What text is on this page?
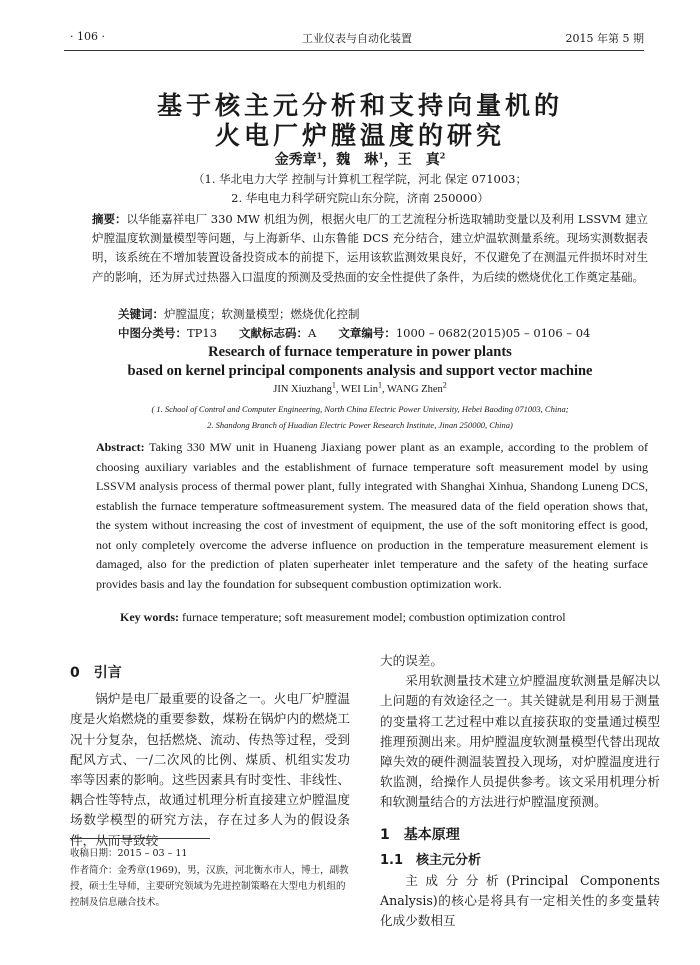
· 106 ·	工业仪表与自动化装置	2015 年第 5 期
基于核主元分析和支持向量机的
火电厂炉膛温度的研究
金秀章$^1$，魏　琳$^1$，王　真$^2$
（1. 华北电力大学 控制与计算机工程学院，河北 保定 071003；
2. 华电电力科学研究院山东分院，济南 250000）
摘要：以华能嘉祥电厂 330 MW 机组为例，根据火电厂的工艺流程分析选取辅助变量以及利用 LSSVM 建立炉膛温度软测量模型等问题，与上海新华、山东鲁能 DCS 充分结合，建立炉温软测量系统。现场实测数据表明，该系统在不增加装置设备投资成本的前提下，运用该软监测效果良好，不仅避免了在测温元件损坏时对生产的影响，还为屏式过热器入口温度的预测及受热面的安全性提供了条件，为后续的燃烧优化工作奠定基础。
关键词：炉膛温度；软测量模型；燃烧优化控制
中图分类号：TP13 文献标志码：A 文章编号：1000 – 0682(2015)05 – 0106 – 04
Research of furnace temperature in power plants
based on kernel principal components analysis and support vector machine
JIN Xiuzhang$^1$, WEI Lin$^1$, WANG Zhen$^2$
( 1. School of Control and Computer Engineering, North China Electric Power University, Hebei Baoding 071003, China;
2. Shandong Branch of Huadian Electric Power Research Institute, Jinan 250000, China)
Abstract: Taking 330 MW unit in Huaneng Jiaxiang power plant as an example, according to the problem of choosing auxiliary variables and the establishment of furnace temperature soft measurement model by using LSSVM analysis process of thermal power plant, fully integrated with Shanghai Xinhua, Shandong Luneng DCS, establish the furnace temperature softmeasurement system. The measured data of the field operation shows that, the system without increasing the cost of investment of equipment, the use of the soft monitoring effect is good, not only completely overcome the adverse influence on production in the temperature measurement element is damaged, also for the prediction of platen superheater inlet temperature and the safety of the heating surface provides basis and lay the foundation for subsequent combustion optimization work.
Key words: furnace temperature; soft measurement model; combustion optimization control
0　引言

锅炉是电厂最重要的设备之一。火电厂炉膛温度是火焰燃烧的重要参数，煤粉在锅炉内的燃烧工况十分复杂，包括燃烧、流动、传热等过程，受到配风方式、一/二次风的比例、煤质、机组实发功率等因素的影响。这些因素具有时变性、非线性、耦合性等特点，故通过机理分析直接建立炉膛温度场数学模型的研究方法，存在过多人为的假设条件，从而导致较

大的误差。

采用软测量技术建立炉膛温度软测量是解决以上问题的有效途径之一。其关键就是利用易于测量的变量将工艺过程中难以直接获取的变量通过模型推理预测出来。用炉膛温度软测量模型代替出现故障失效的硬件测温装置投入现场，对炉膛温度进行软监测，给操作人员提供参考。该文采用机理分析和软测量结合的方法进行炉膛温度预测。

1　基本原理
1.1　核主元分析

主成分分析(Principal Components Analysis)的核心是将具有一定相关性的多变量转化成少数相互

收稿日期：2015 – 03 – 11
作者简介：金秀章(1969)，男，汉族，河北衡水市人，博士，副教授，硕士生导师，主要研究领域为先进控制策略在大型电力机组的控制及信息融合技术。
